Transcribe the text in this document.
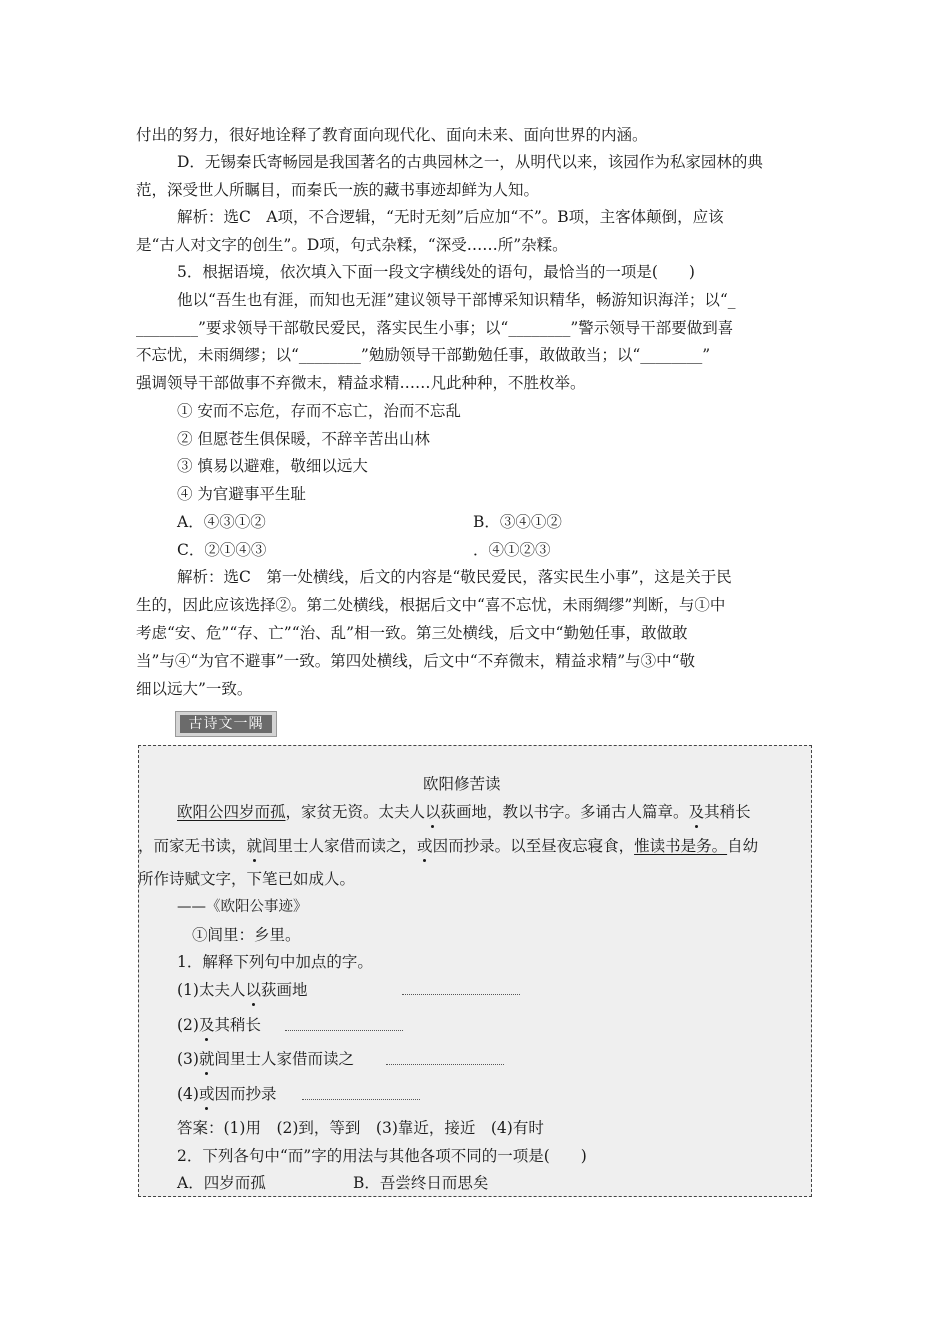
付出的努力，很好地诠释了教育面向现代化、面向未来、面向世界的内涵。
D．无锡秦氏寄畅园是我国著名的古典园林之一，从明代以来，该园作为私家园林的典
范，深受世人所瞩目，而秦氏一族的藏书事迹却鲜为人知。
解析：选C　A项，不合逻辑，“无时无刻”后应加“不”。B项，主客体颠倒，应该
是“古人对文字的创生”。D项，句式杂糅，“深受……所”杂糅。
5．根据语境，依次填入下面一段文字横线处的语句，最恰当的一项是(　　)
他以“吾生也有涯，而知也无涯”建议领导干部博采知识精华，畅游知识海洋；以“_
________”要求领导干部敬民爱民，落实民生小事；以“________”警示领导干部要做到喜
不忘忧，未雨绸缪；以“________”勉励领导干部勤勉任事，敢做敢当；以“________”
强调领导干部做事不弃微末，精益求精……凡此种种，不胜枚举。
① 安而不忘危，存而不忘亡，治而不忘乱
② 但愿苍生俱保暖，不辞辛苦出山林
③ 慎易以避难，敬细以远大
④ 为官避事平生耻
A．④③①②	B．③④①②
C．②①④③	．④①②③
解析：选C　第一处横线，后文的内容是“敬民爱民，落实民生小事”，这是关于民
生的，因此应该选择②。第二处横线，根据后文中“喜不忘忧，未雨绸缪”判断，与①中
考虑“安、危”“存、亡”“治、乱”相一致。第三处横线，后文中“勤勉任事，敢做敢
当”与④“为官不避事”一致。第四处横线，后文中“不弃微末，精益求精”与③中“敬
细以远大”一致。
古诗文一隅
欧阳修苦读
欧阳公四岁而孤，家贫无资。太夫人以荻画地，教以书字。多诵古人篇章。及其稍长
，而家无书读，就闾里士人家借而读之，或因而抄录。以至昼夜忘寝食，惟读书是务。自幼
所作诗赋文字，下笔已如成人。
——《欧阳公事迹》
①闾里：乡里。
1．解释下列句中加点的字。
(1)太夫人以荻画地
(2)及其稍长
(3)就闾里士人家借而读之
(4)或因而抄录
答案：(1)用　(2)到，等到　(3)靠近，接近　(4)有时
2．下列各句中“而”字的用法与其他各项不同的一项是(　　)
A．四岁而孤	B．吾尝终日而思矣
